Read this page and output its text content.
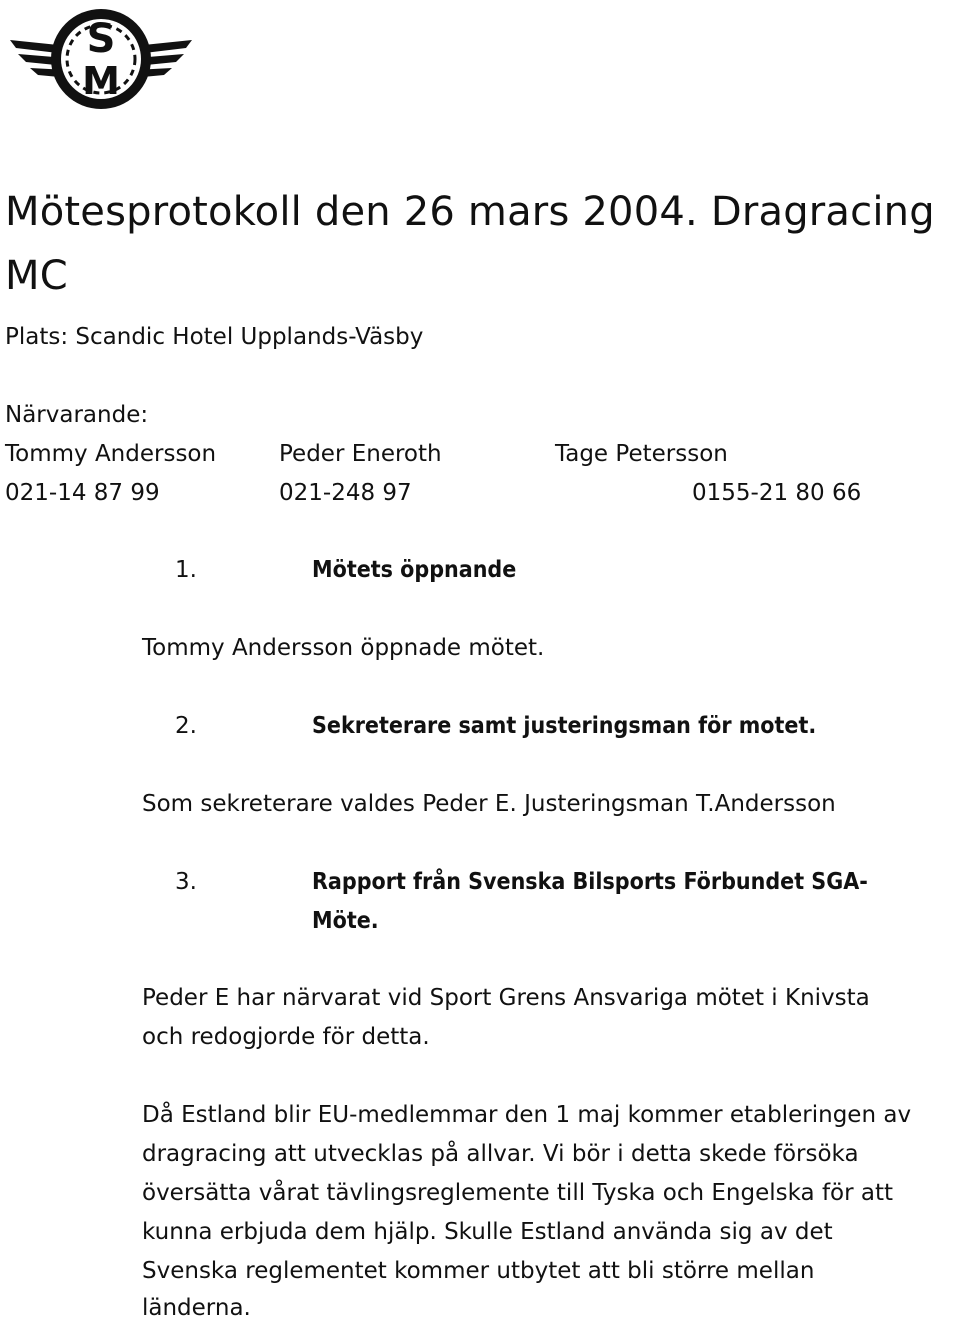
S
M
Mötesprotokoll den 26 mars 2004. Dragracing
MC
Plats: Scandic Hotel Upplands-Väsby
Närvarande:
Tommy Andersson	Peder Eneroth	Tage Petersson
021-14 87 99	021-248 97	0155-21 80 66
1.	Mötets öppnande
Tommy Andersson öppnade mötet.
2.	Sekreterare samt justeringsman för motet.
Som sekreterare valdes Peder E. Justeringsman T.Andersson
3.	Rapport från Svenska Bilsports Förbundet SGA-
Möte.
Peder E har närvarat vid Sport Grens Ansvariga mötet i Knivsta
och redogjorde för detta.
Då Estland blir EU-medlemmar den 1 maj kommer etableringen av
dragracing att utvecklas på allvar. Vi bör i detta skede försöka
översätta vårat tävlingsreglemente till Tyska och Engelska för att
kunna erbjuda dem hjälp. Skulle Estland använda sig av det
Svenska reglementet kommer utbytet att bli större mellan
länderna.
